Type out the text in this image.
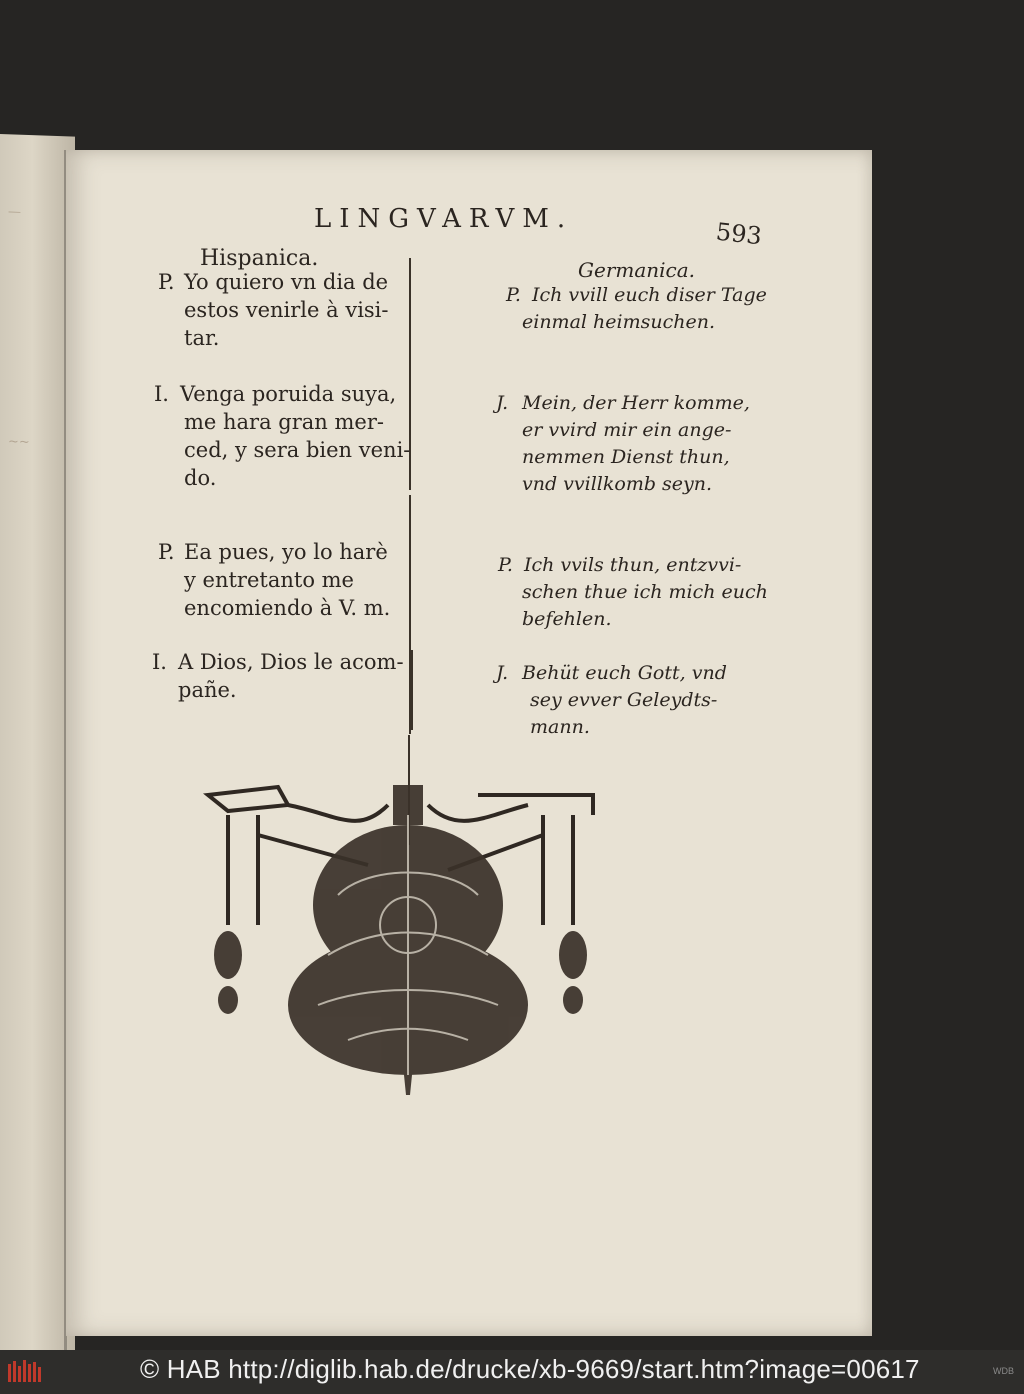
—
~~
LINGVARVM.	593
Hispanica.	Germanica.
P. Yo quiero vn dia de
estos venirle à visi-
tar.
I. Venga poruida suya,
me hara gran mer-
ced, y sera bien veni-
do.
P. Ea pues, yo lo harè
y entretanto me
encomiendo à V. m.
I. A Dios, Dios le acom-
pañe.
P. Ich vvill euch diser Tage
einmal heimsuchen.
J. Mein, der Herr komme,
er vvird mir ein ange-
nemmen Dienst thun,
vnd vvillkomb seyn.
P. Ich vvils thun, entzvvi-
schen thue ich mich euch
befehlen.
J. Behüt euch Gott, vnd
sey evver Geleydts-
mann.
© HAB http://diglib.hab.de/drucke/xb-9669/start.htm?image=00617	WDB
